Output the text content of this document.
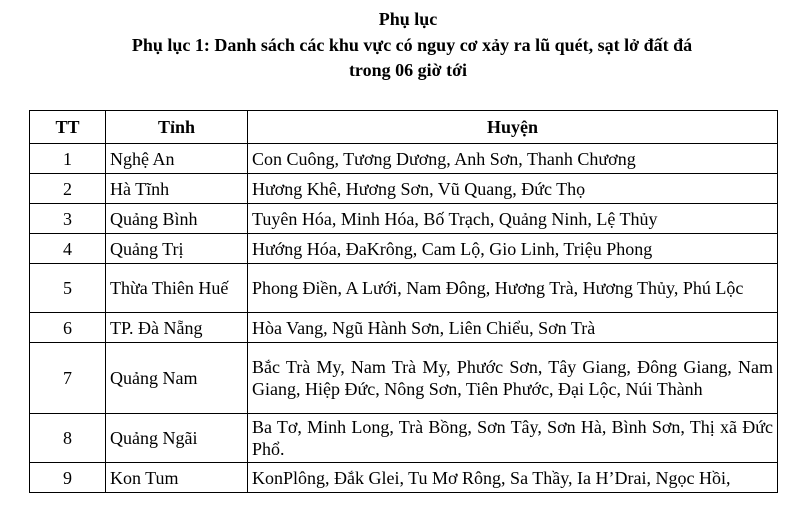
Phụ lục
Phụ lục 1: Danh sách các khu vực có nguy cơ xảy ra lũ quét, sạt lở đất đá
trong 06 giờ tới
TT	Tỉnh	Huyện
1	Nghệ An	Con Cuông, Tương Dương, Anh Sơn, Thanh Chương
2	Hà Tĩnh	Hương Khê, Hương Sơn, Vũ Quang, Đức Thọ
3	Quảng Bình	Tuyên Hóa, Minh Hóa, Bố Trạch, Quảng Ninh, Lệ Thủy
4	Quảng Trị	Hướng Hóa, ĐaKrông, Cam Lộ, Gio Linh, Triệu Phong
5	Thừa Thiên Huế	Phong Điền, A Lưới, Nam Đông, Hương Trà, Hương Thủy, Phú Lộc
6	TP. Đà Nẵng	Hòa Vang, Ngũ Hành Sơn, Liên Chiểu, Sơn Trà
7	Quảng Nam	Bắc Trà My, Nam Trà My, Phước Sơn, Tây Giang, Đông Giang, Nam Giang, Hiệp Đức, Nông Sơn, Tiên Phước, Đại Lộc, Núi Thành
8	Quảng Ngãi	Ba Tơ, Minh Long, Trà Bồng, Sơn Tây, Sơn Hà, Bình Sơn, Thị xã Đức Phổ.
9	Kon Tum	KonPlông, Đắk Glei, Tu Mơ Rông, Sa Thầy, Ia H’Drai, Ngọc Hồi,
